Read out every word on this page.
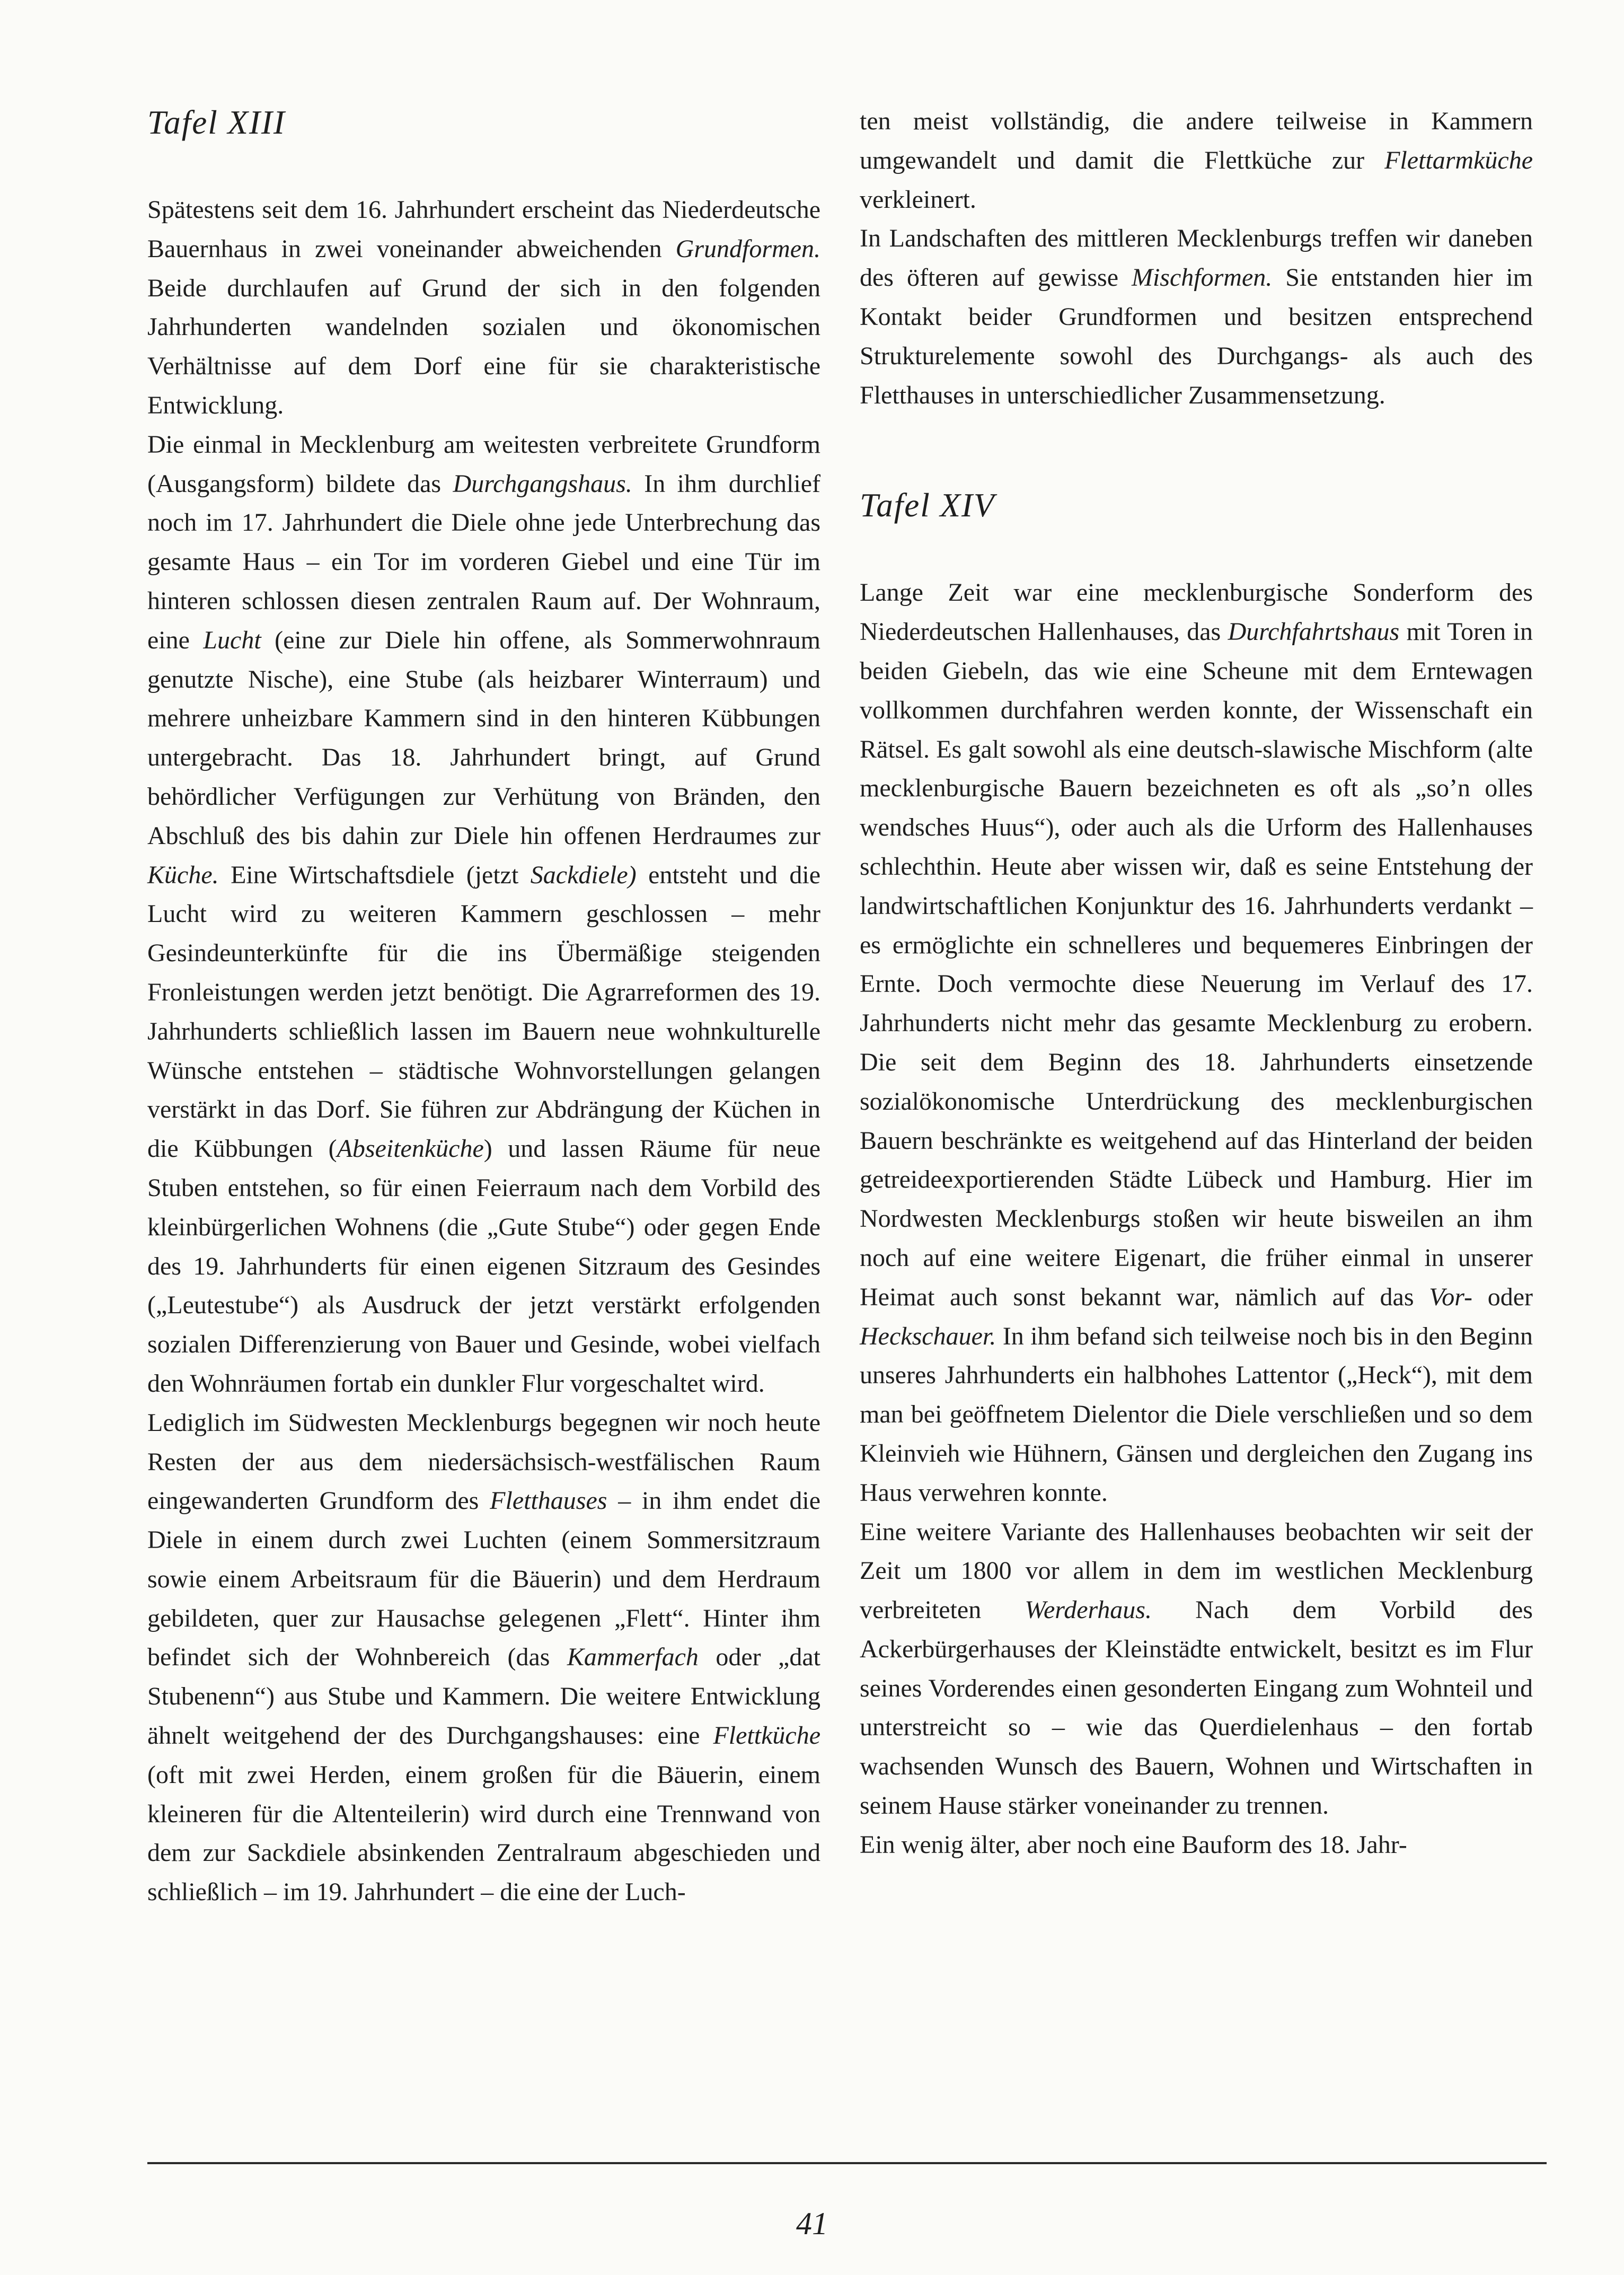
Tafel XIII

Spätestens seit dem 16. Jahrhundert erscheint das Niederdeutsche Bauernhaus in zwei voneinander abweichenden Grundformen. Beide durchlaufen auf Grund der sich in den folgenden Jahrhunderten wandelnden sozialen und ökonomischen Verhältnisse auf dem Dorf eine für sie charakteristische Entwicklung.

Die einmal in Mecklenburg am weitesten verbreitete Grundform (Ausgangsform) bildete das Durchgangshaus. In ihm durchlief noch im 17. Jahrhundert die Diele ohne jede Unterbrechung das gesamte Haus – ein Tor im vorderen Giebel und eine Tür im hinteren schlossen diesen zentralen Raum auf. Der Wohnraum, eine Lucht (eine zur Diele hin offene, als Sommerwohnraum genutzte Nische), eine Stube (als heizbarer Winterraum) und mehrere unheizbare Kammern sind in den hinteren Kübbungen untergebracht. Das 18. Jahrhundert bringt, auf Grund behördlicher Verfügungen zur Verhütung von Bränden, den Abschluß des bis dahin zur Diele hin offenen Herdraumes zur Küche. Eine Wirtschaftsdiele (jetzt Sackdiele) entsteht und die Lucht wird zu weiteren Kammern geschlossen – mehr Gesindeunterkünfte für die ins Übermäßige steigenden Fronleistungen werden jetzt benötigt. Die Agrarreformen des 19. Jahrhunderts schließlich lassen im Bauern neue wohnkulturelle Wünsche entstehen – städtische Wohnvorstellungen gelangen verstärkt in das Dorf. Sie führen zur Abdrängung der Küchen in die Kübbungen (Abseitenküche) und lassen Räume für neue Stuben entstehen, so für einen Feierraum nach dem Vorbild des kleinbürgerlichen Wohnens (die „Gute Stube“) oder gegen Ende des 19. Jahrhunderts für einen eigenen Sitzraum des Gesindes („Leutestube“) als Ausdruck der jetzt verstärkt erfolgenden sozialen Differenzierung von Bauer und Gesinde, wobei vielfach den Wohnräumen fortab ein dunkler Flur vorgeschaltet wird.

Lediglich im Südwesten Mecklenburgs begegnen wir noch heute Resten der aus dem niedersächsisch-westfälischen Raum eingewanderten Grundform des Fletthauses – in ihm endet die Diele in einem durch zwei Luchten (einem Sommersitzraum sowie einem Arbeitsraum für die Bäuerin) und dem Herdraum gebildeten, quer zur Hausachse gelegenen „Flett“. Hinter ihm befindet sich der Wohnbereich (das Kammerfach oder „dat Stubenenn“) aus Stube und Kammern. Die weitere Entwicklung ähnelt weitgehend der des Durchgangshauses: eine Flettküche (oft mit zwei Herden, einem großen für die Bäuerin, einem kleineren für die Altenteilerin) wird durch eine Trennwand von dem zur Sackdiele absinkenden Zentralraum abgeschieden und schließlich – im 19. Jahrhundert – die eine der Luch-

ten meist vollständig, die andere teilweise in Kammern umgewandelt und damit die Flettküche zur Flettarmküche verkleinert.

In Landschaften des mittleren Mecklenburgs treffen wir daneben des öfteren auf gewisse Mischformen. Sie entstanden hier im Kontakt beider Grundformen und besitzen entsprechend Strukturelemente sowohl des Durchgangs- als auch des Fletthauses in unterschiedlicher Zusammensetzung.

Tafel XIV

Lange Zeit war eine mecklenburgische Sonderform des Niederdeutschen Hallenhauses, das Durchfahrtshaus mit Toren in beiden Giebeln, das wie eine Scheune mit dem Erntewagen vollkommen durchfahren werden konnte, der Wissenschaft ein Rätsel. Es galt sowohl als eine deutsch-slawische Mischform (alte mecklenburgische Bauern bezeichneten es oft als „so’n olles wendsches Huus“), oder auch als die Urform des Hallenhauses schlechthin. Heute aber wissen wir, daß es seine Entstehung der landwirtschaftlichen Konjunktur des 16. Jahrhunderts verdankt – es ermöglichte ein schnelleres und bequemeres Einbringen der Ernte. Doch vermochte diese Neuerung im Verlauf des 17. Jahrhunderts nicht mehr das gesamte Mecklenburg zu erobern. Die seit dem Beginn des 18. Jahrhunderts einsetzende sozialökonomische Unterdrückung des mecklenburgischen Bauern beschränkte es weitgehend auf das Hinterland der beiden getreideexportierenden Städte Lübeck und Hamburg. Hier im Nordwesten Mecklenburgs stoßen wir heute bisweilen an ihm noch auf eine weitere Eigenart, die früher einmal in unserer Heimat auch sonst bekannt war, nämlich auf das Vor- oder Heckschauer. In ihm befand sich teilweise noch bis in den Beginn unseres Jahrhunderts ein halbhohes Lattentor („Heck“), mit dem man bei geöffnetem Dielentor die Diele verschließen und so dem Kleinvieh wie Hühnern, Gänsen und dergleichen den Zugang ins Haus verwehren konnte.

Eine weitere Variante des Hallenhauses beobachten wir seit der Zeit um 1800 vor allem in dem im westlichen Mecklenburg verbreiteten Werderhaus. Nach dem Vorbild des Ackerbürgerhauses der Kleinstädte entwickelt, besitzt es im Flur seines Vorderendes einen gesonderten Eingang zum Wohnteil und unterstreicht so – wie das Querdielenhaus – den fortab wachsenden Wunsch des Bauern, Wohnen und Wirtschaften in seinem Hause stärker voneinander zu trennen.

Ein wenig älter, aber noch eine Bauform des 18. Jahr-

41
